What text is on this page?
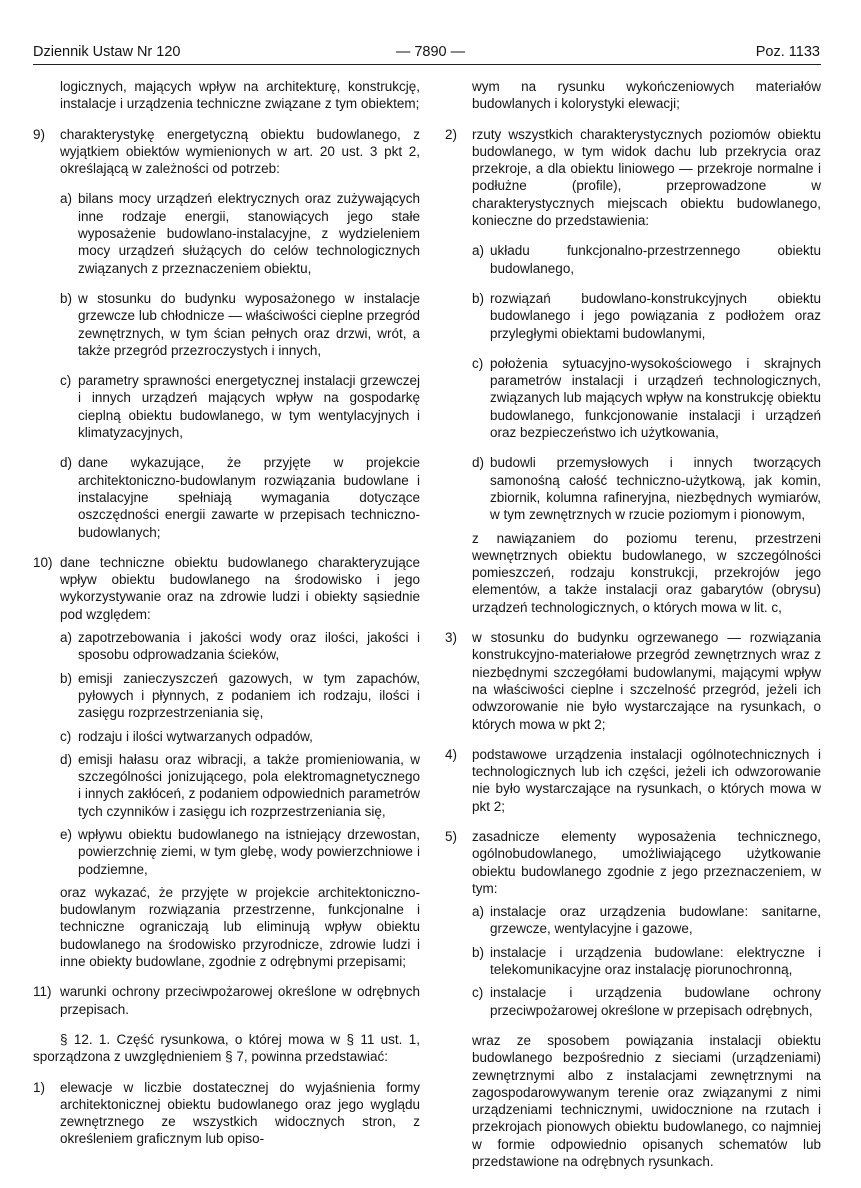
Dziennik Ustaw Nr 120	— 7890 —	Poz. 1133

logicznych, mających wpływ na architekturę, konstrukcję, instalacje i urządzenia techniczne związane z tym obiektem;

9) charakterystykę energetyczną obiektu budowlanego, z wyjątkiem obiektów wymienionych w art. 20 ust. 3 pkt 2, określającą w zależności od potrzeb:
a) bilans mocy urządzeń elektrycznych oraz zużywających inne rodzaje energii, stanowiących jego stałe wyposażenie budowlano-instalacyjne, z wydzieleniem mocy urządzeń służących do celów technologicznych związanych z przeznaczeniem obiektu,
b) w stosunku do budynku wyposażonego w instalacje grzewcze lub chłodnicze — właściwości cieplne przegród zewnętrznych, w tym ścian pełnych oraz drzwi, wrót, a także przegród przezroczystych i innych,
c) parametry sprawności energetycznej instalacji grzewczej i innych urządzeń mających wpływ na gospodarkę cieplną obiektu budowlanego, w tym wentylacyjnych i klimatyzacyjnych,
d) dane wykazujące, że przyjęte w projekcie architektoniczno-budowlanym rozwiązania budowlane i instalacyjne spełniają wymagania dotyczące oszczędności energii zawarte w przepisach techniczno-budowlanych;
10) dane techniczne obiektu budowlanego charakteryzujące wpływ obiektu budowlanego na środowisko i jego wykorzystywanie oraz na zdrowie ludzi i obiekty sąsiednie pod względem:
a) zapotrzebowania i jakości wody oraz ilości, jakości i sposobu odprowadzania ścieków,
b) emisji zanieczyszczeń gazowych, w tym zapachów, pyłowych i płynnych, z podaniem ich rodzaju, ilości i zasięgu rozprzestrzeniania się,
c) rodzaju i ilości wytwarzanych odpadów,
d) emisji hałasu oraz wibracji, a także promieniowania, w szczególności jonizującego, pola elektromagnetycznego i innych zakłóceń, z podaniem odpowiednich parametrów tych czynników i zasięgu ich rozprzestrzeniania się,
e) wpływu obiektu budowlanego na istniejący drzewostan, powierzchnię ziemi, w tym glebę, wody powierzchniowe i podziemne,

oraz wykazać, że przyjęte w projekcie architektoniczno-budowlanym rozwiązania przestrzenne, funkcjonalne i techniczne ograniczają lub eliminują wpływ obiektu budowlanego na środowisko przyrodnicze, zdrowie ludzi i inne obiekty budowlane, zgodnie z odrębnymi przepisami;

11) warunki ochrony przeciwpożarowej określone w odrębnych przepisach.

§ 12. 1. Część rysunkowa, o której mowa w § 11 ust. 1, sporządzona z uwzględnieniem § 7, powinna przedstawiać:

1) elewacje w liczbie dostatecznej do wyjaśnienia formy architektonicznej obiektu budowlanego oraz jego wyglądu zewnętrznego ze wszystkich widocznych stron, z określeniem graficznym lub opiso-

wym na rysunku wykończeniowych materiałów budowlanych i kolorystyki elewacji;

2) rzuty wszystkich charakterystycznych poziomów obiektu budowlanego, w tym widok dachu lub przekrycia oraz przekroje, a dla obiektu liniowego — przekroje normalne i podłużne (profile), przeprowadzone w charakterystycznych miejscach obiektu budowlanego, konieczne do przedstawienia:
a) układu funkcjonalno-przestrzennego obiektu budowlanego,
b) rozwiązań budowlano-konstrukcyjnych obiektu budowlanego i jego powiązania z podłożem oraz przyległymi obiektami budowlanymi,
c) położenia sytuacyjno-wysokościowego i skrajnych parametrów instalacji i urządzeń technologicznych, związanych lub mających wpływ na konstrukcję obiektu budowlanego, funkcjonowanie instalacji i urządzeń oraz bezpieczeństwo ich użytkowania,
d) budowli przemysłowych i innych tworzących samonośną całość techniczno-użytkową, jak komin, zbiornik, kolumna rafineryjna, niezbędnych wymiarów, w tym zewnętrznych w rzucie poziomym i pionowym,

z nawiązaniem do poziomu terenu, przestrzeni wewnętrznych obiektu budowlanego, w szczególności pomieszczeń, rodzaju konstrukcji, przekrojów jego elementów, a także instalacji oraz gabarytów (obrysu) urządzeń technologicznych, o których mowa w lit. c,

3) w stosunku do budynku ogrzewanego — rozwiązania konstrukcyjno-materiałowe przegród zewnętrznych wraz z niezbędnymi szczegółami budowlanymi, mającymi wpływ na właściwości cieplne i szczelność przegród, jeżeli ich odwzorowanie nie było wystarczające na rysunkach, o których mowa w pkt 2;
4) podstawowe urządzenia instalacji ogólnotechnicznych i technologicznych lub ich części, jeżeli ich odwzorowanie nie było wystarczające na rysunkach, o których mowa w pkt 2;
5) zasadnicze elementy wyposażenia technicznego, ogólnobudowlanego, umożliwiającego użytkowanie obiektu budowlanego zgodnie z jego przeznaczeniem, w tym:
a) instalacje oraz urządzenia budowlane: sanitarne, grzewcze, wentylacyjne i gazowe,
b) instalacje i urządzenia budowlane: elektryczne i telekomunikacyjne oraz instalację piorunochronną,
c) instalacje i urządzenia budowlane ochrony przeciwpożarowej określone w przepisach odrębnych,

wraz ze sposobem powiązania instalacji obiektu budowlanego bezpośrednio z sieciami (urządzeniami) zewnętrznymi albo z instalacjami zewnętrznymi na zagospodarowywanym terenie oraz związanymi z nimi urządzeniami technicznymi, uwidocznione na rzutach i przekrojach pionowych obiektu budowlanego, co najmniej w formie odpowiednio opisanych schematów lub przedstawione na odrębnych rysunkach.
